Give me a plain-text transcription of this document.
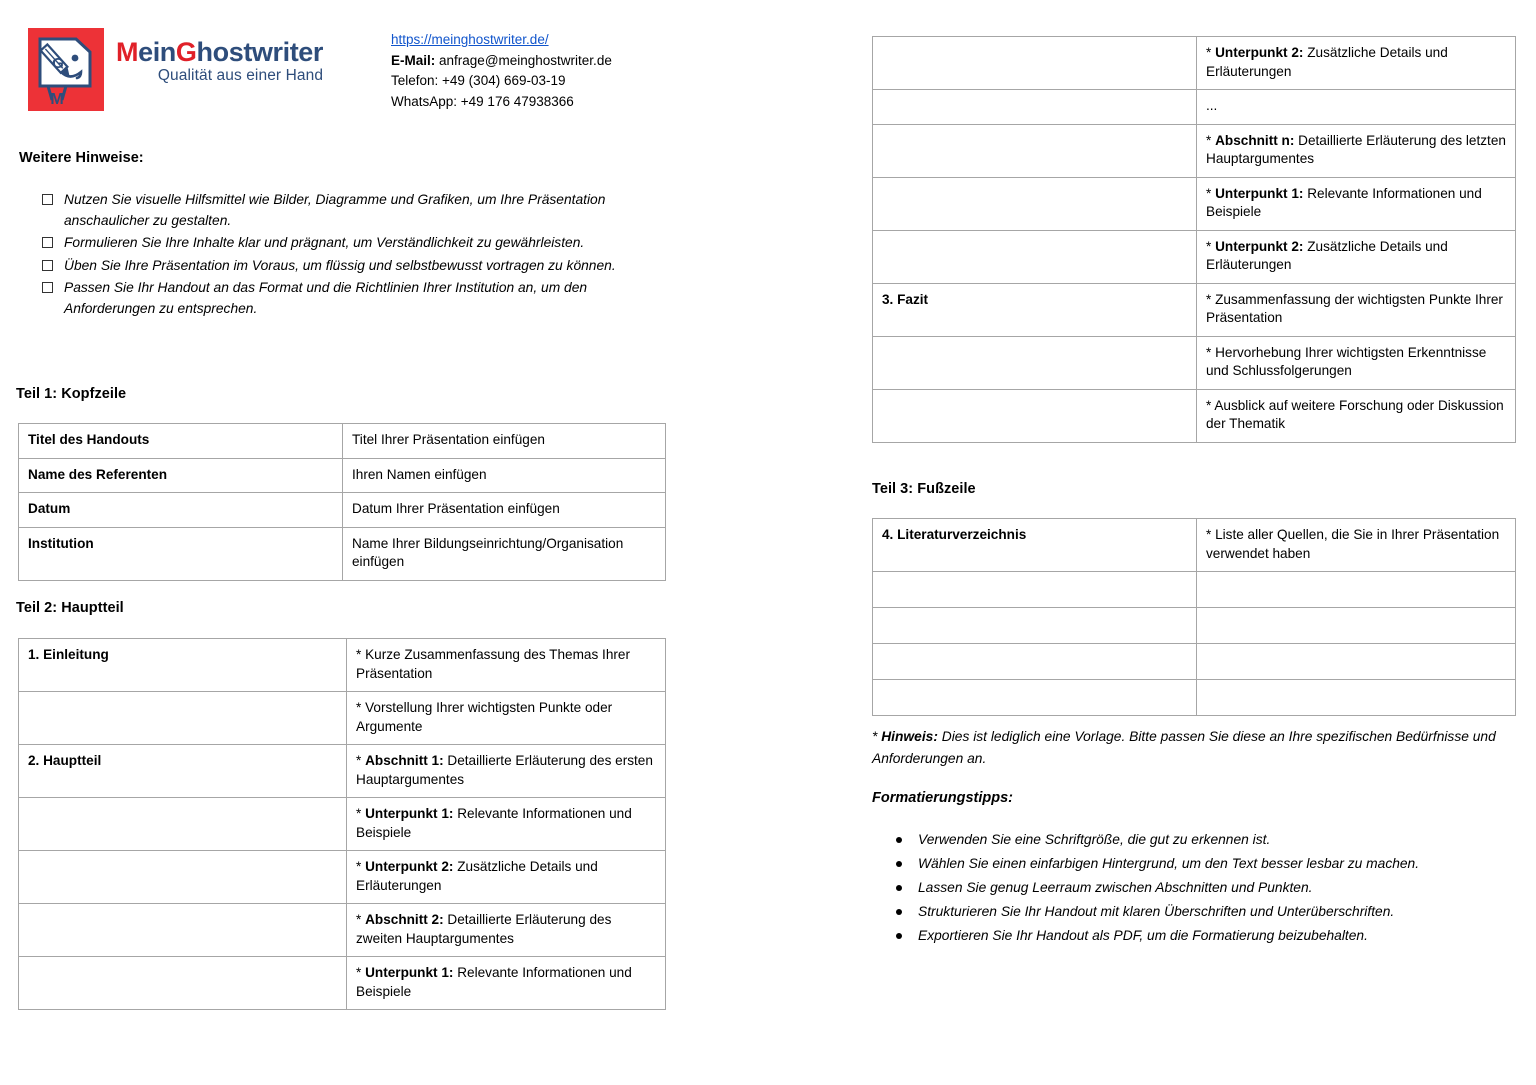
M
G MeinGhostwriter
Qualität aus einer Hand
https://meinghostwriter.de/
E-Mail: anfrage@meinghostwriter.de
Telefon: +49 (304) 669-03-19
WhatsApp: +49 176 47938366
Weitere Hinweise:
Nutzen Sie visuelle Hilfsmittel wie Bilder, Diagramme und Grafiken, um Ihre Präsentation anschaulicher zu gestalten.
Formulieren Sie Ihre Inhalte klar und prägnant, um Verständlichkeit zu gewährleisten.
Üben Sie Ihre Präsentation im Voraus, um flüssig und selbstbewusst vortragen zu können.
Passen Sie Ihr Handout an das Format und die Richtlinien Ihrer Institution an, um den Anforderungen zu entsprechen.
Teil 1: Kopfzeile
Titel des Handouts	Titel Ihrer Präsentation einfügen
Name des Referenten	Ihren Namen einfügen
Datum	Datum Ihrer Präsentation einfügen
Institution	Name Ihrer Bildungseinrichtung/Organisation einfügen
Teil 2: Hauptteil
1. Einleitung	* Kurze Zusammenfassung des Themas Ihrer Präsentation
	* Vorstellung Ihrer wichtigsten Punkte oder Argumente
2. Hauptteil	* Abschnitt 1: Detaillierte Erläuterung des ersten Hauptargumentes
	* Unterpunkt 1: Relevante Informationen und Beispiele
	* Unterpunkt 2: Zusätzliche Details und Erläuterungen
	* Abschnitt 2: Detaillierte Erläuterung des zweiten Hauptargumentes
	* Unterpunkt 1: Relevante Informationen und Beispiele
	* Unterpunkt 2: Zusätzliche Details und Erläuterungen
	...
	* Abschnitt n: Detaillierte Erläuterung des letzten Hauptargumentes
	* Unterpunkt 1: Relevante Informationen und Beispiele
	* Unterpunkt 2: Zusätzliche Details und Erläuterungen
3. Fazit	* Zusammenfassung der wichtigsten Punkte Ihrer Präsentation
	* Hervorhebung Ihrer wichtigsten Erkenntnisse und Schlussfolgerungen
	* Ausblick auf weitere Forschung oder Diskussion der Thematik
Teil 3: Fußzeile
4. Literaturverzeichnis	* Liste aller Quellen, die Sie in Ihrer Präsentation verwendet haben

* Hinweis: Dies ist lediglich eine Vorlage. Bitte passen Sie diese an Ihre spezifischen Bedürfnisse und Anforderungen an.
Formatierungstipps:
Verwenden Sie eine Schriftgröße, die gut zu erkennen ist.
Wählen Sie einen einfarbigen Hintergrund, um den Text besser lesbar zu machen.
Lassen Sie genug Leerraum zwischen Abschnitten und Punkten.
Strukturieren Sie Ihr Handout mit klaren Überschriften und Unterüberschriften.
Exportieren Sie Ihr Handout als PDF, um die Formatierung beizubehalten.
